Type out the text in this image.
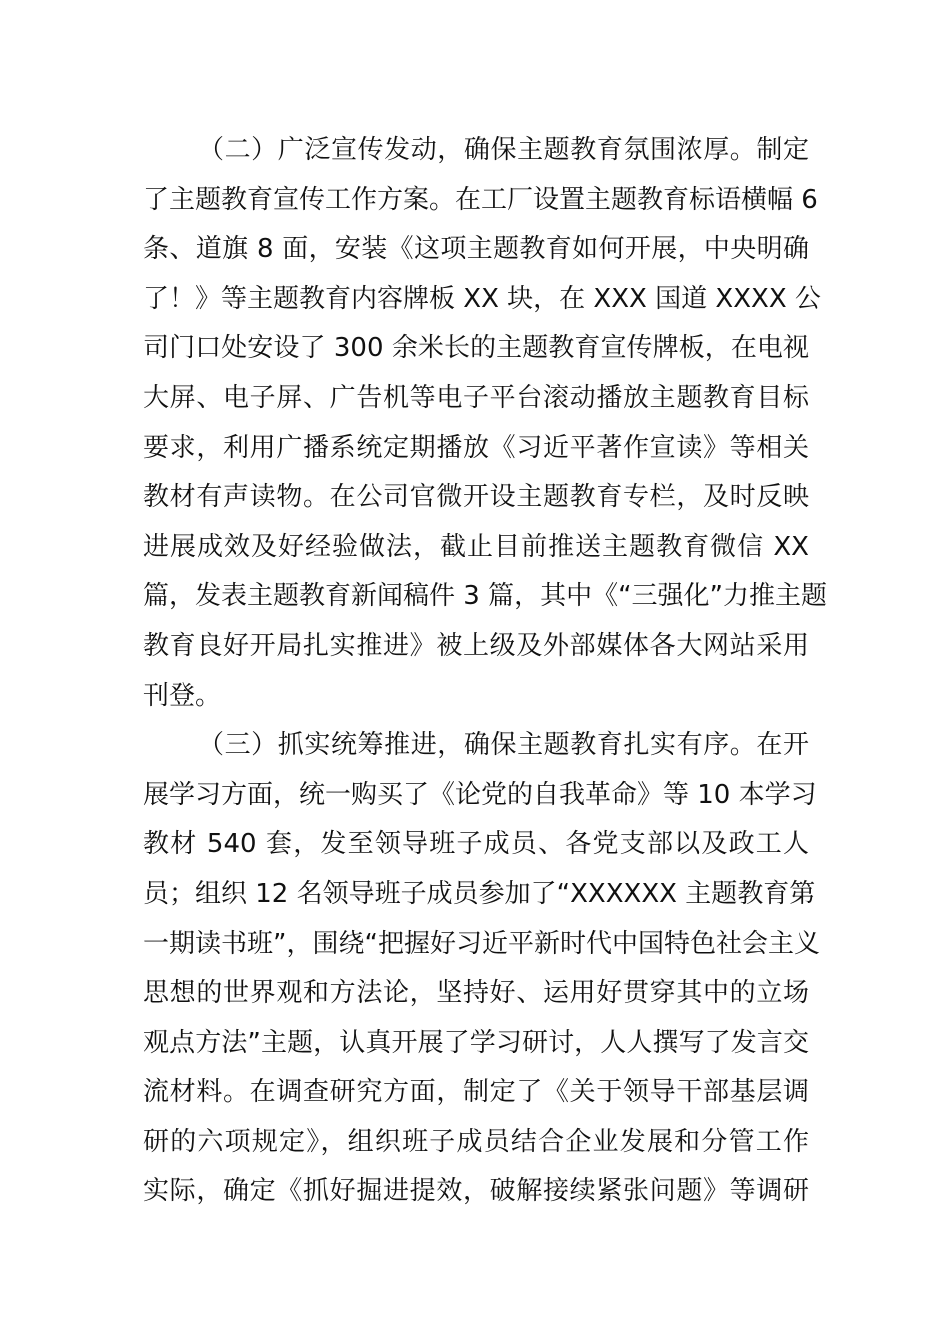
（二）广泛宣传发动，确保主题教育氛围浓厚。制定
了主题教育宣传工作方案。在工厂设置主题教育标语横幅 6
条、道旗 8 面，安装《这项主题教育如何开展，中央明确
了！》等主题教育内容牌板 XX 块，在 XXX 国道 XXXX 公
司门口处安设了 300 余米长的主题教育宣传牌板，在电视
大屏、电子屏、广告机等电子平台滚动播放主题教育目标
要求，利用广播系统定期播放《习近平著作宣读》等相关
教材有声读物。在公司官微开设主题教育专栏，及时反映
进展成效及好经验做法，截止目前推送主题教育微信 XX
篇，发表主题教育新闻稿件 3 篇，其中《“三强化”力推主题
教育良好开局扎实推进》被上级及外部媒体各大网站采用
刊登。
（三）抓实统筹推进，确保主题教育扎实有序。在开
展学习方面，统一购买了《论党的自我革命》等 10 本学习
教材 540 套，发至领导班子成员、各党支部以及政工人
员；组织 12 名领导班子成员参加了“XXXXXX 主题教育第
一期读书班”，围绕“把握好习近平新时代中国特色社会主义
思想的世界观和方法论，坚持好、运用好贯穿其中的立场
观点方法”主题，认真开展了学习研讨，人人撰写了发言交
流材料。在调查研究方面，制定了《关于领导干部基层调
研的六项规定》，组织班子成员结合企业发展和分管工作
实际，确定《抓好掘进提效，破解接续紧张问题》等调研
